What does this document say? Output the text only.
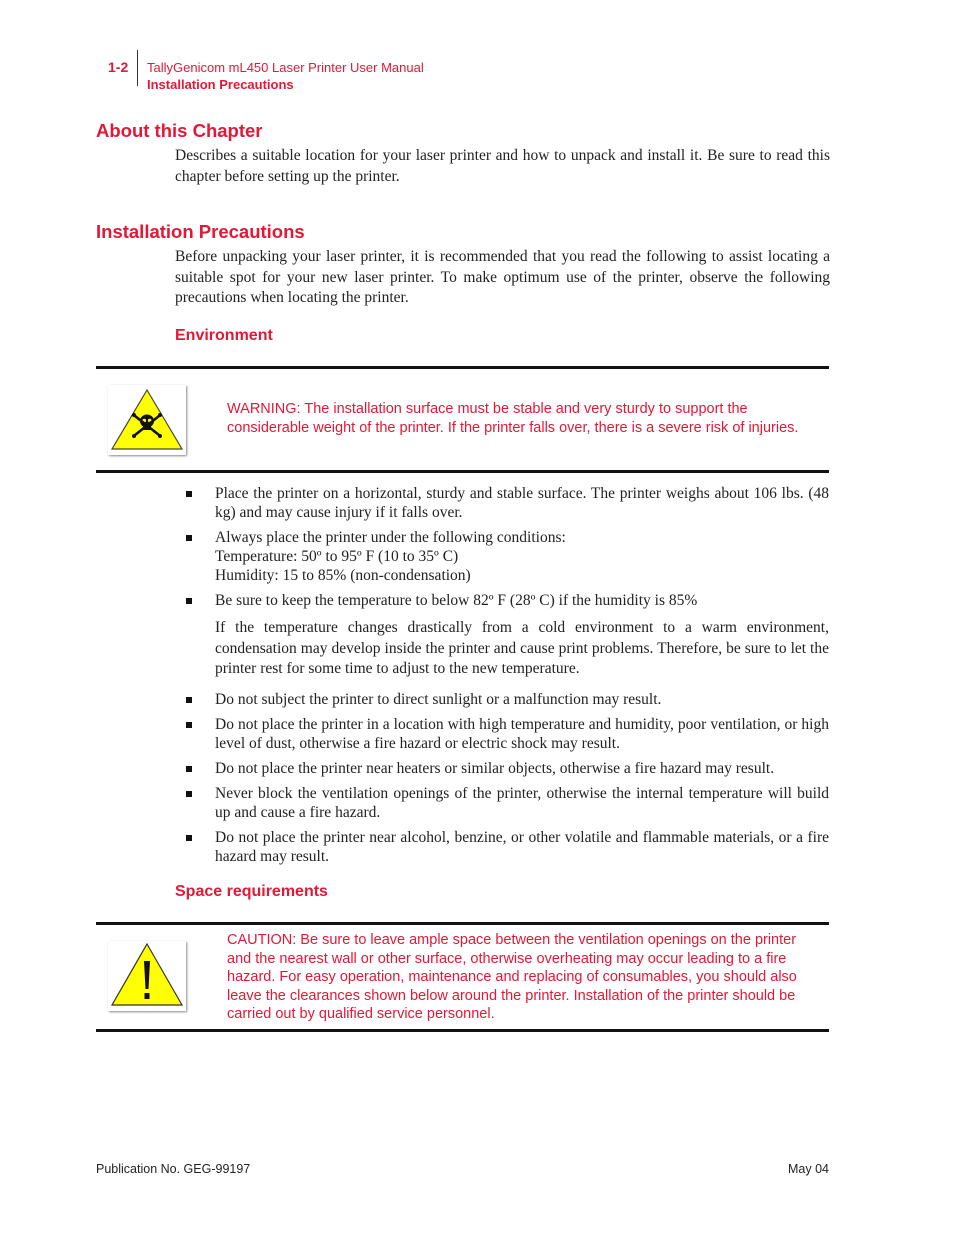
1-2 TallyGenicom mL450 Laser Printer User Manual
Installation Precautions
About this Chapter

Describes a suitable location for your laser printer and how to unpack and install it. Be sure to read this chapter before setting up the printer.

Installation Precautions

Before unpacking your laser printer, it is recommended that you read the following to assist locating a suitable spot for your new laser printer. To make optimum use of the printer, observe the following precautions when locating the printer.

Environment

WARNING: The installation surface must be stable and very sturdy to support the considerable weight of the printer. If the printer falls over, there is a severe risk of injuries.

Place the printer on a horizontal, sturdy and stable surface. The printer weighs about 106 lbs. (48 kg) and may cause injury if it falls over.
Always place the printer under the following conditions:
Temperature: 50º to 95º F (10 to 35º C)
Humidity: 15 to 85% (non-condensation)
Be sure to keep the temperature to below 82º F (28º C) if the humidity is 85%
If the temperature changes drastically from a cold environment to a warm environment, condensation may develop inside the printer and cause print problems. Therefore, be sure to let the printer rest for some time to adjust to the new temperature.
Do not subject the printer to direct sunlight or a malfunction may result.
Do not place the printer in a location with high temperature and humidity, poor ventilation, or high level of dust, otherwise a fire hazard or electric shock may result.
Do not place the printer near heaters or similar objects, otherwise a fire hazard may result.
Never block the ventilation openings of the printer, otherwise the internal temperature will build up and cause a fire hazard.
Do not place the printer near alcohol, benzine, or other volatile and flammable materials, or a fire hazard may result.
Space requirements

CAUTION: Be sure to leave ample space between the ventilation openings on the printer and the nearest wall or other surface, otherwise overheating may occur leading to a fire hazard. For easy operation, maintenance and replacing of consumables, you should also leave the clearances shown below around the printer. Installation of the printer should be carried out by qualified service personnel.

Publication No. GEG-99197	May 04
